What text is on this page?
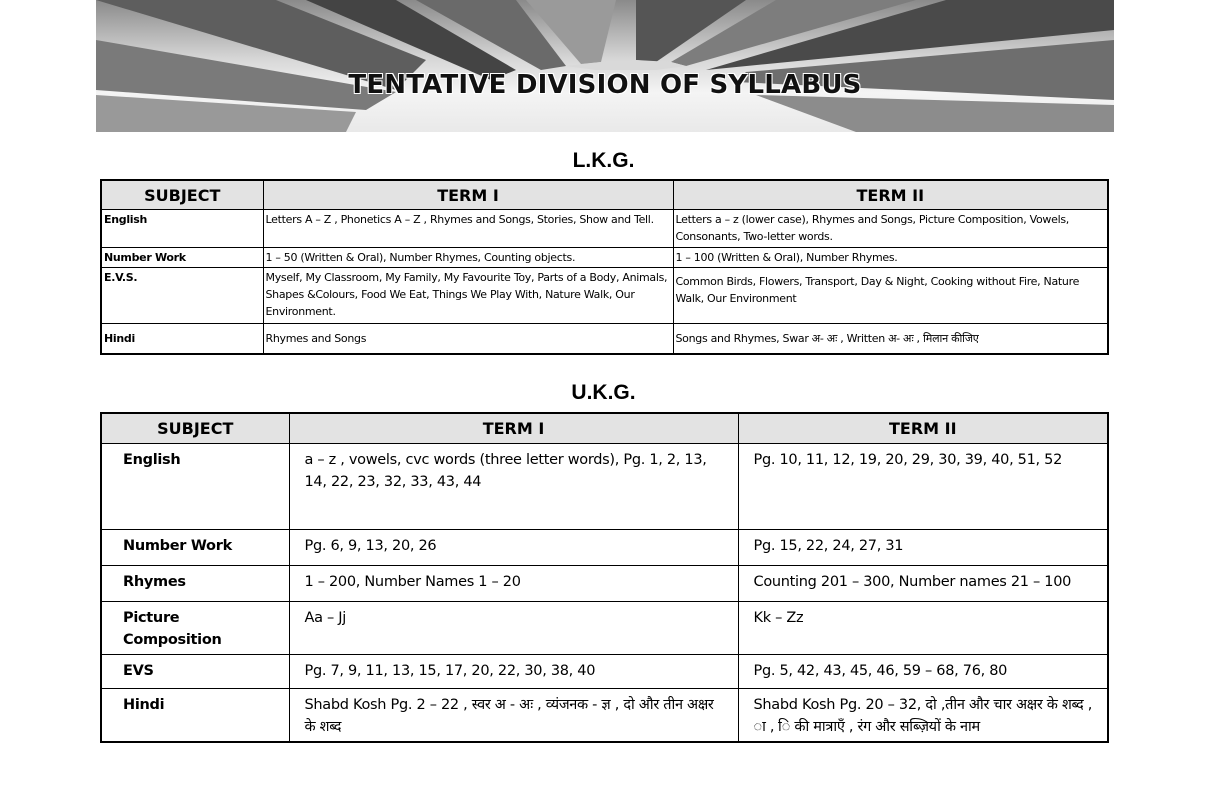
TENTATIVE DIVISION OF SYLLABUS
L.K.G.
SUBJECT	TERM I	TERM II
English	Letters A – Z , Phonetics A – Z , Rhymes and Songs, Stories, Show and Tell.	Letters a – z (lower case), Rhymes and Songs, Picture Composition, Vowels, Consonants, Two-letter words.
Number Work	1 – 50 (Written & Oral), Number Rhymes, Counting objects.	1 – 100 (Written & Oral), Number Rhymes.
E.V.S.	Myself, My Classroom, My Family, My Favourite Toy, Parts of a Body, Animals, Shapes &Colours, Food We Eat, Things We Play With, Nature Walk, Our Environment.	Common Birds, Flowers, Transport, Day & Night, Cooking without Fire, Nature Walk, Our Environment
Hindi	Rhymes and Songs	Songs and Rhymes, Swar अ- अः , Written अ- अः , मिलान कीजिए
U.K.G.
SUBJECT	TERM I	TERM II
English	a – z , vowels, cvc words (three letter words), Pg. 1, 2, 13, 14, 22, 23, 32, 33, 43, 44	Pg. 10, 11, 12, 19, 20, 29, 30, 39, 40, 51, 52
Number Work	Pg. 6, 9, 13, 20, 26	Pg. 15, 22, 24, 27, 31
Rhymes	1 – 200, Number Names 1 – 20	Counting 201 – 300, Number names 21 – 100
Picture Composition	Aa – Jj	Kk – Zz
EVS	Pg. 7, 9, 11, 13, 15, 17, 20, 22, 30, 38, 40	Pg. 5, 42, 43, 45, 46, 59 – 68, 76, 80
Hindi	Shabd Kosh Pg. 2 – 22 , स्वर अ - अः , व्यंजनक - ज्ञ , दो और तीन अक्षर के शब्द	Shabd Kosh Pg. 20 – 32, दो ,तीन और चार अक्षर के शब्द , ा , ि की मात्राएँ , रंग और सब्ज़ियों के नाम
